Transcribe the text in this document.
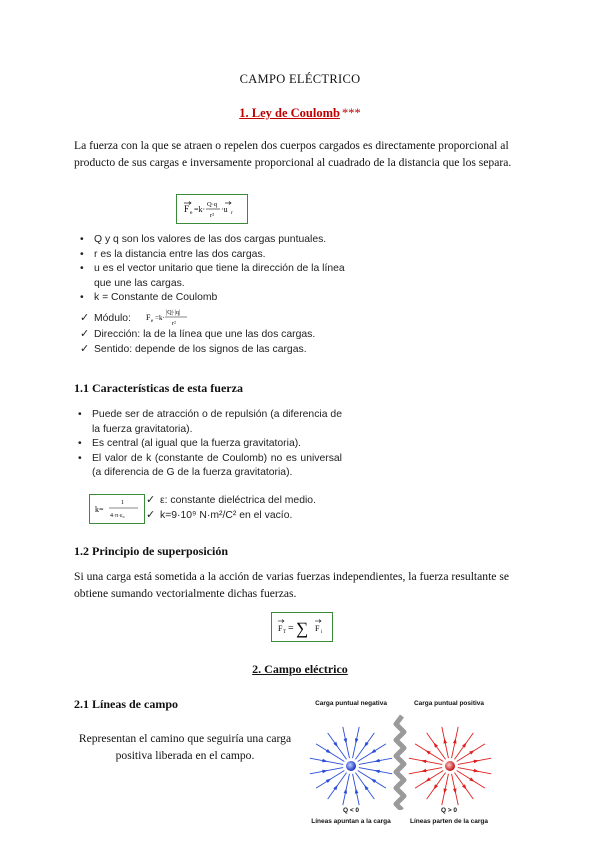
CAMPO ELÉCTRICO
1. Ley de Coulomb ***
La fuerza con la que se atraen o repelen dos cuerpos cargados es directamente proporcional al producto de sus cargas e inversamente proporcional al cuadrado de la distancia que los separa.
F e =k·
Q·q
r²
·u r
• Q y q son los valores de las dos cargas puntuales.
• r es la distancia entre las dos cargas.
• u es el vector unitario que tiene la dirección de la línea
que une las cargas.
• k = Constante de Coulomb
✓ Módulo: F e =k·
|Q|·|q|
r²
✓ Dirección: la de la línea que une las dos cargas.
✓ Sentido: depende de los signos de las cargas.
1.1 Características de esta fuerza
• Puede ser de atracción o de repulsión (a diferencia de la fuerza gravitatoria).
• Es central (al igual que la fuerza gravitatoria).
• El valor de k (constante de Coulomb) no es universal (a diferencia de G de la fuerza gravitatoria).
k=
1
4·π·ε₀
✓ ε: constante dieléctrica del medio.
✓ k=9·10⁹ N·m²/C² en el vacío.
1.2 Principio de superposición
Si una carga está sometida a la acción de varias fuerzas independientes, la fuerza resultante se obtiene sumando vectorialmente dichas fuerzas.
F T = ∑ F i
2. Campo eléctrico
2.1 Líneas de campo
Representan el camino que seguiría una carga positiva liberada en el campo.
Carga puntual negativa	Carga puntual positiva
Q < 0	Q > 0
Líneas apuntan a la carga	Líneas parten de la carga
